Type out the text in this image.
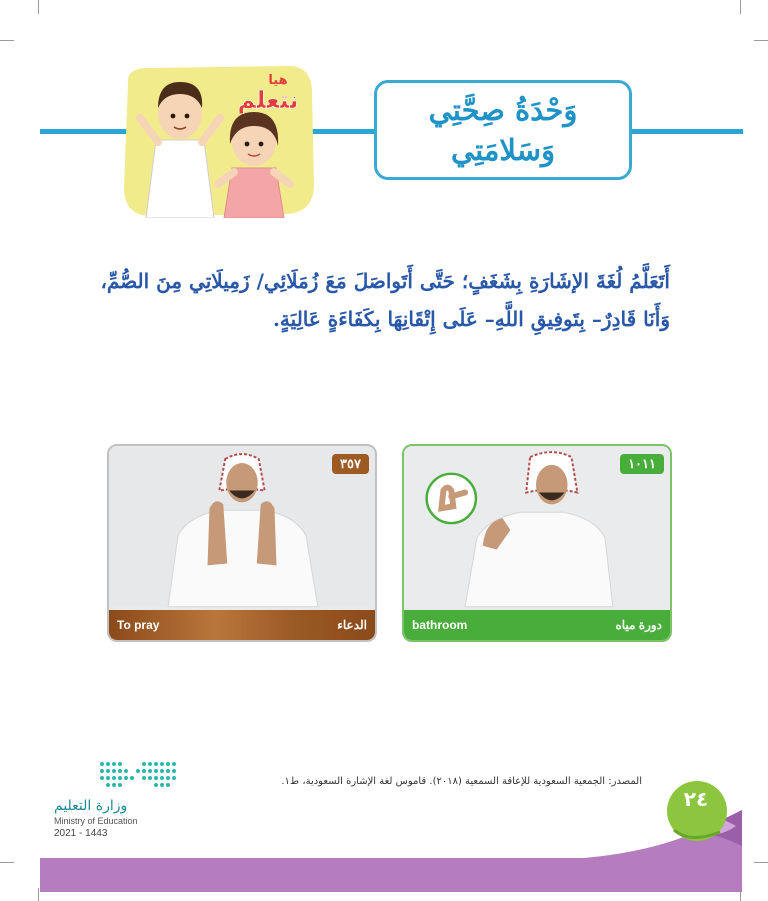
وَحْدَةُ صِحَّتِي
وَسَلامَتِي
هيا
نتعلم
أَتَعَلَّمُ لُغَةَ الإشَارَةِ بِشَغَفٍ؛ حَتَّى أَتَواصَلَ مَعَ زُمَلَائِي/ زَمِيلَاتِي مِنَ الصُّمِّ،
وَأَنَا قَادِرٌ– بِتَوفِيقِ اللَّهِ– عَلَى إِتْقَانِهَا بِكَفَاءَةٍ عَالِيَةٍ.
٣٥٧
To pray	الدعاء
١٠١١
bathroom	دورة مياه
المصدر: الجمعية السعودية للإعاقة السمعية (٢٠١٨). قاموس لغة الإشارة السعودية، ط١.
وزارة التعليم
Ministry of Education
2021 - 1443
٢٤
